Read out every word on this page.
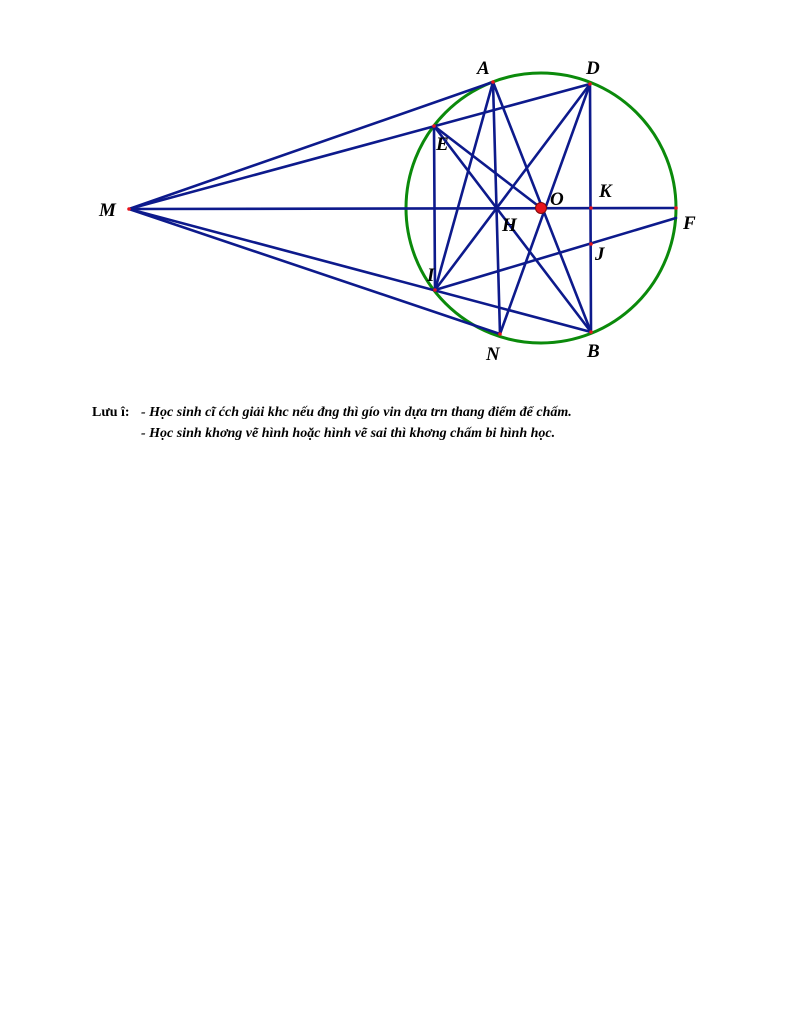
A	D
E
M
O K
H	F
J
I
N	B
Lưu î: - Học sinh cĩ ćch giải khc nếu đng thì gío vin dựa trn thang điểm để chấm.
- Học sinh khơng vẽ hình hoặc hình vẽ sai thì khơng chấm bi hình học.
